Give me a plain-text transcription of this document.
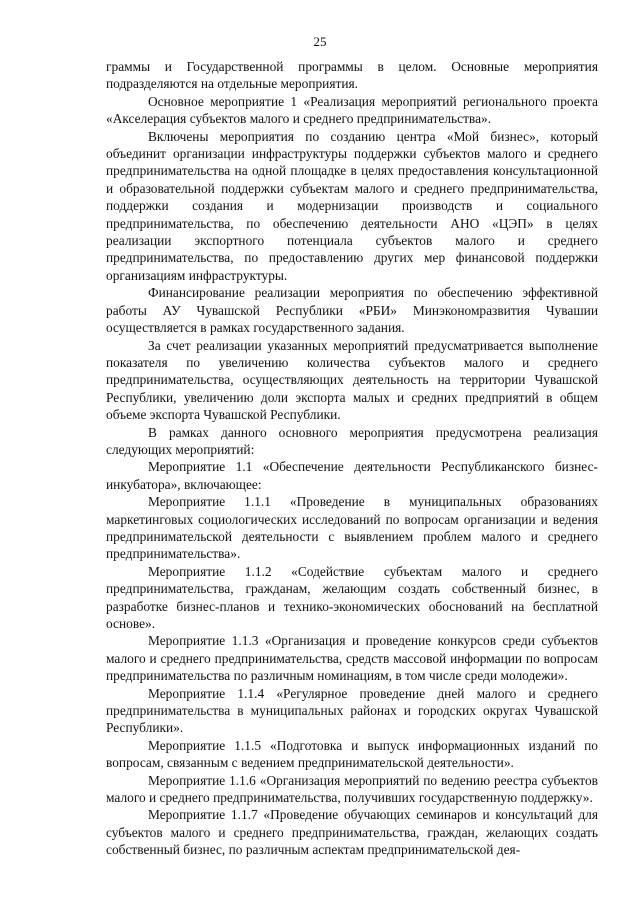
25

граммы и Государственной программы в целом. Основные мероприятия подразделяются на отдельные мероприятия.

Основное мероприятие 1 «Реализация мероприятий регионального проекта «Акселерация субъектов малого и среднего предпринимательства».

Включены мероприятия по созданию центра «Мой бизнес», который объединит организации инфраструктуры поддержки субъектов малого и среднего предпринимательства на одной площадке в целях предоставления консультационной и образовательной поддержки субъектам малого и среднего предпринимательства, поддержки создания и модернизации производств и социального предпринимательства, по обеспечению деятельности АНО «ЦЭП» в целях реализации экспортного потенциала субъектов малого и среднего предпринимательства, по предоставлению других мер финансовой поддержки организациям инфраструктуры.

Финансирование реализации мероприятия по обеспечению эффективной работы АУ Чувашской Республики «РБИ» Минэкономразвития Чувашии осуществляется в рамках государственного задания.

За счет реализации указанных мероприятий предусматривается выполнение показателя по увеличению количества субъектов малого и среднего предпринимательства, осуществляющих деятельность на территории Чувашской Республики, увеличению доли экспорта малых и средних предприятий в общем объеме экспорта Чувашской Республики.

В рамках данного основного мероприятия предусмотрена реализация следующих мероприятий:

Мероприятие 1.1 «Обеспечение деятельности Республиканского бизнес-инкубатора», включающее:

Мероприятие 1.1.1 «Проведение в муниципальных образованиях маркетинговых социологических исследований по вопросам организации и ведения предпринимательской деятельности с выявлением проблем малого и среднего предпринимательства».

Мероприятие 1.1.2 «Содействие субъектам малого и среднего предпринимательства, гражданам, желающим создать собственный бизнес, в разработке бизнес-планов и технико-экономических обоснований на бесплатной основе».

Мероприятие 1.1.3 «Организация и проведение конкурсов среди субъектов малого и среднего предпринимательства, средств массовой информации по вопросам предпринимательства по различным номинациям, в том числе среди молодежи».

Мероприятие 1.1.4 «Регулярное проведение дней малого и среднего предпринимательства в муниципальных районах и городских округах Чувашской Республики».

Мероприятие 1.1.5 «Подготовка и выпуск информационных изданий по вопросам, связанным с ведением предпринимательской деятельности».

Мероприятие 1.1.6 «Организация мероприятий по ведению реестра субъектов малого и среднего предпринимательства, получивших государственную поддержку».

Мероприятие 1.1.7 «Проведение обучающих семинаров и консультаций для субъектов малого и среднего предпринимательства, граждан, желающих создать собственный бизнес, по различным аспектам предпринимательской дея-
